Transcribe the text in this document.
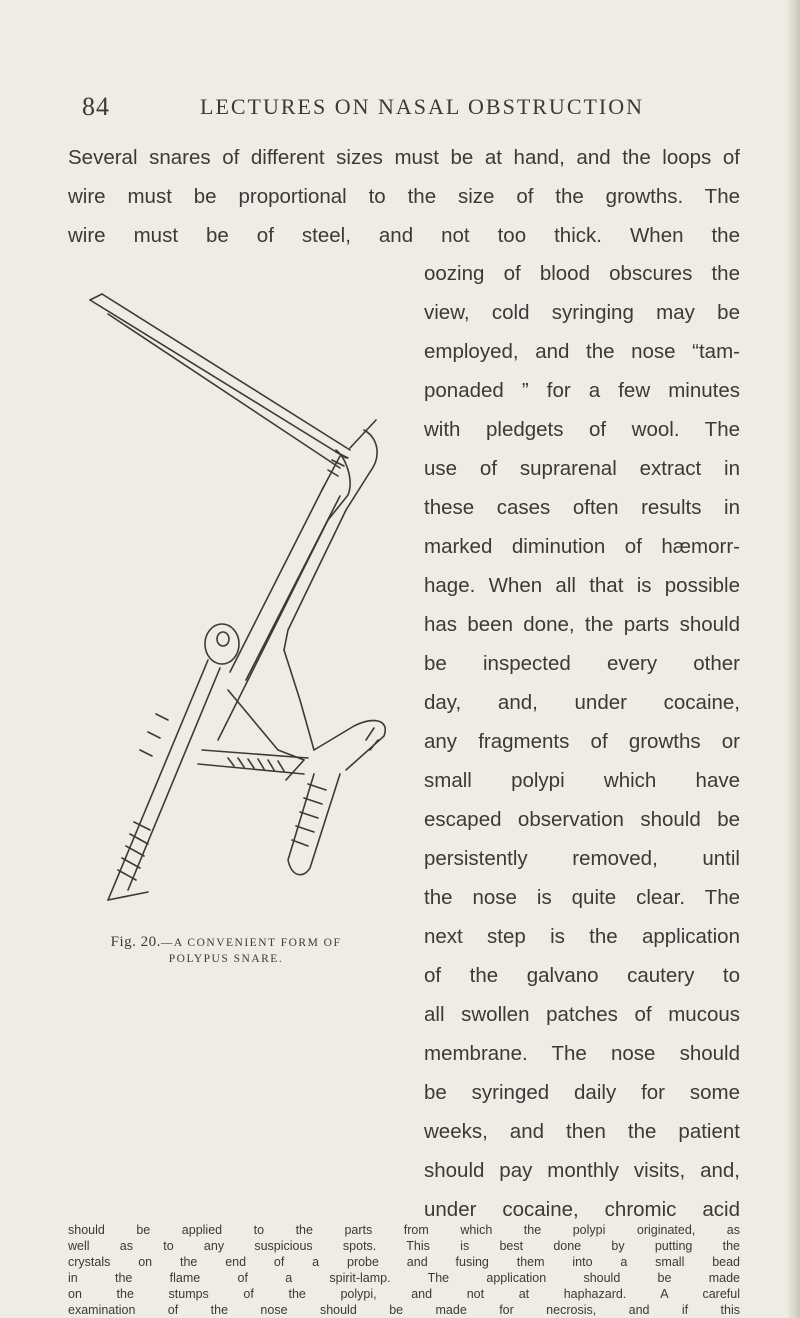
84	LECTURES ON NASAL OBSTRUCTION
Several snares of different sizes must be at hand, and the loops of
wire must be proportional to the size of the growths. The
wire must be of steel, and not too thick. When the
oozing of blood obscures the
view, cold syringing may be
employed, and the nose “tam-
ponaded ” for a few minutes
with pledgets of wool. The
use of suprarenal extract in
these cases often results in
marked diminution of hæmorr-
hage. When all that is possible
has been done, the parts should
be inspected every other
day, and, under cocaine,
any fragments of growths or
small polypi which have
escaped observation should be
persistently removed, until
the nose is quite clear. The
next step is the application
of the galvano cautery to
all swollen patches of mucous
membrane. The nose should
be syringed daily for some
weeks, and then the patient
should pay monthly visits, and,
under cocaine, chromic acid
should be applied to the parts from which the polypi originated, as
Fig. 20.—A CONVENIENT FORM OF
POLYPUS SNARE.
well as to any suspicious spots. This is best done by putting the
crystals on the end of a probe and fusing them into a small bead
in the flame of a spirit-lamp. The application should be made
on the stumps of the polypi, and not at haphazard. A careful
examination of the nose should be made for necrosis, and if this
